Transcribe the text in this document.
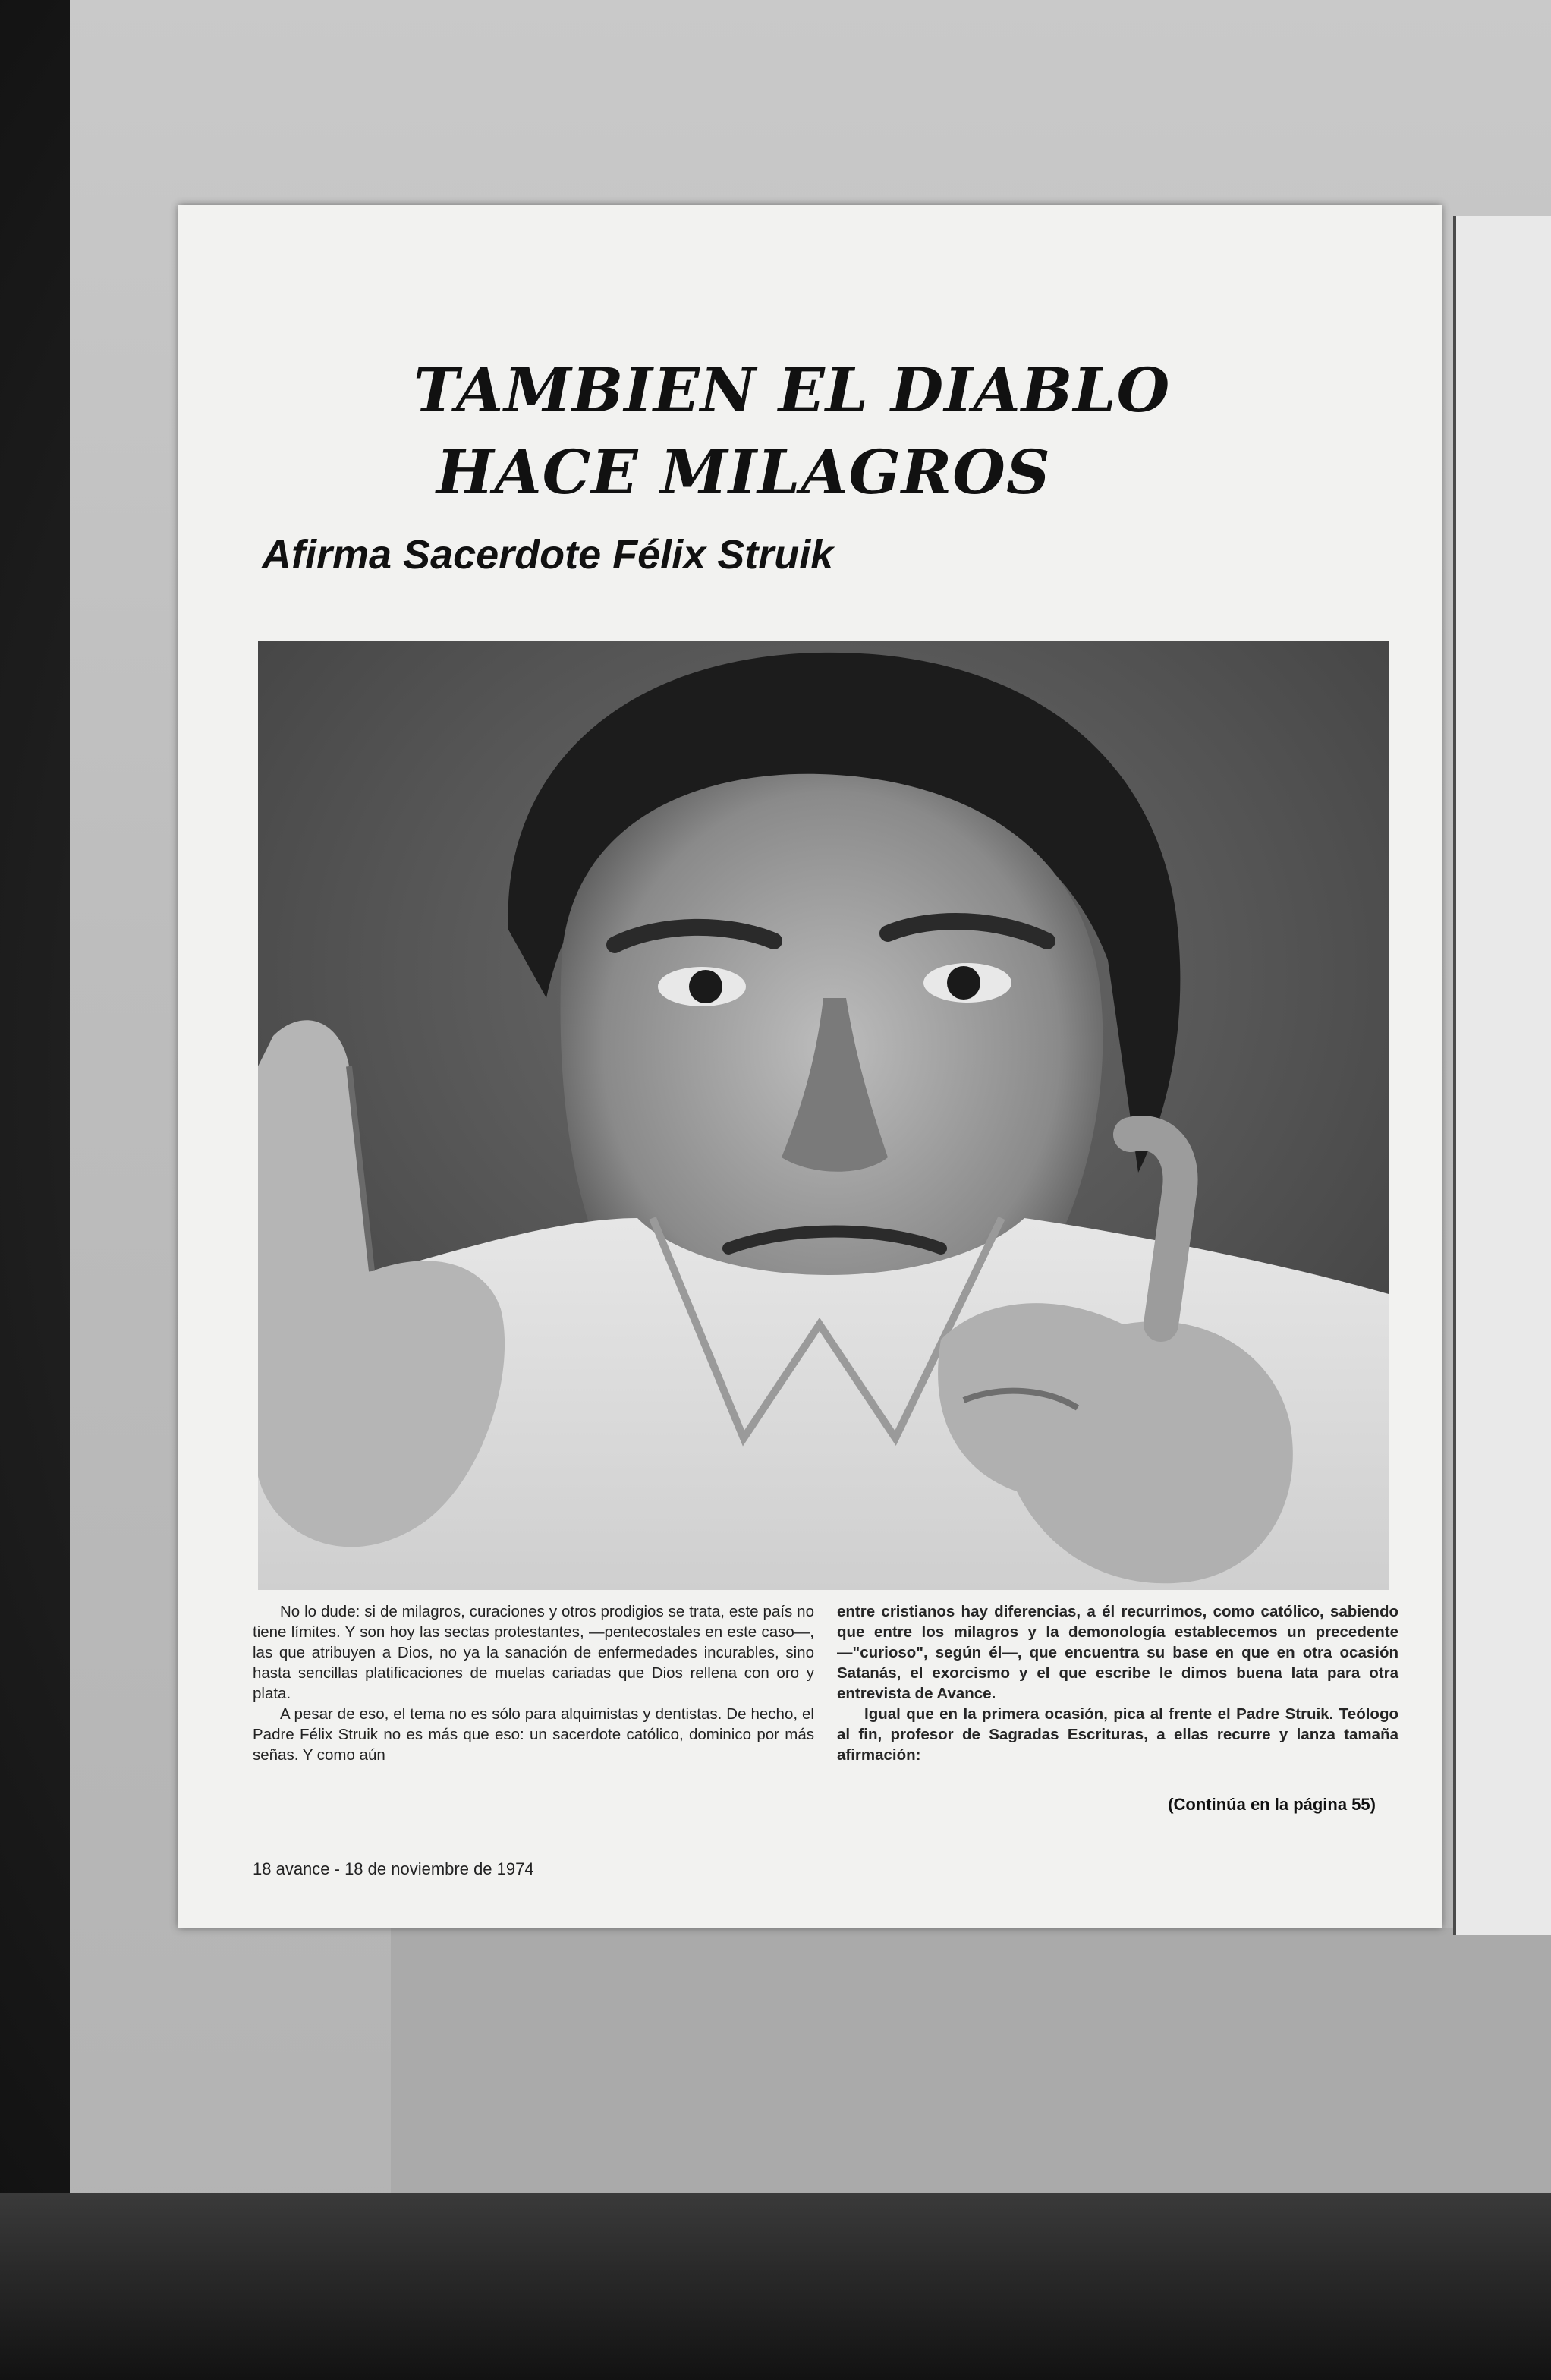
TAMBIEN EL DIABLO
HACE MILAGROS
Afirma Sacerdote Félix Struik

No lo dude: si de milagros, curaciones y otros prodigios se trata, este país no tiene límites. Y son hoy las sectas protestantes, —pentecostales en este caso—, las que atribuyen a Dios, no ya la sanación de enfermedades incurables, sino hasta sencillas platificaciones de muelas cariadas que Dios rellena con oro y plata.

A pesar de eso, el tema no es sólo para alquimistas y dentistas. De hecho, el Padre Félix Struik no es más que eso: un sacerdote católico, dominico por más señas. Y como aún

entre cristianos hay diferencias, a él recurrimos, como católico, sabiendo que entre los milagros y la demonología establecemos un precedente —"curioso", según él—, que encuentra su base en que en otra ocasión Satanás, el exorcismo y el que escribe le dimos buena lata para otra entrevista de Avance.

Igual que en la primera ocasión, pica al frente el Padre Struik. Teólogo al fin, profesor de Sagradas Escrituras, a ellas recurre y lanza tamaña afirmación:

(Continúa en la página 55)
18 avance - 18 de noviembre de 1974
